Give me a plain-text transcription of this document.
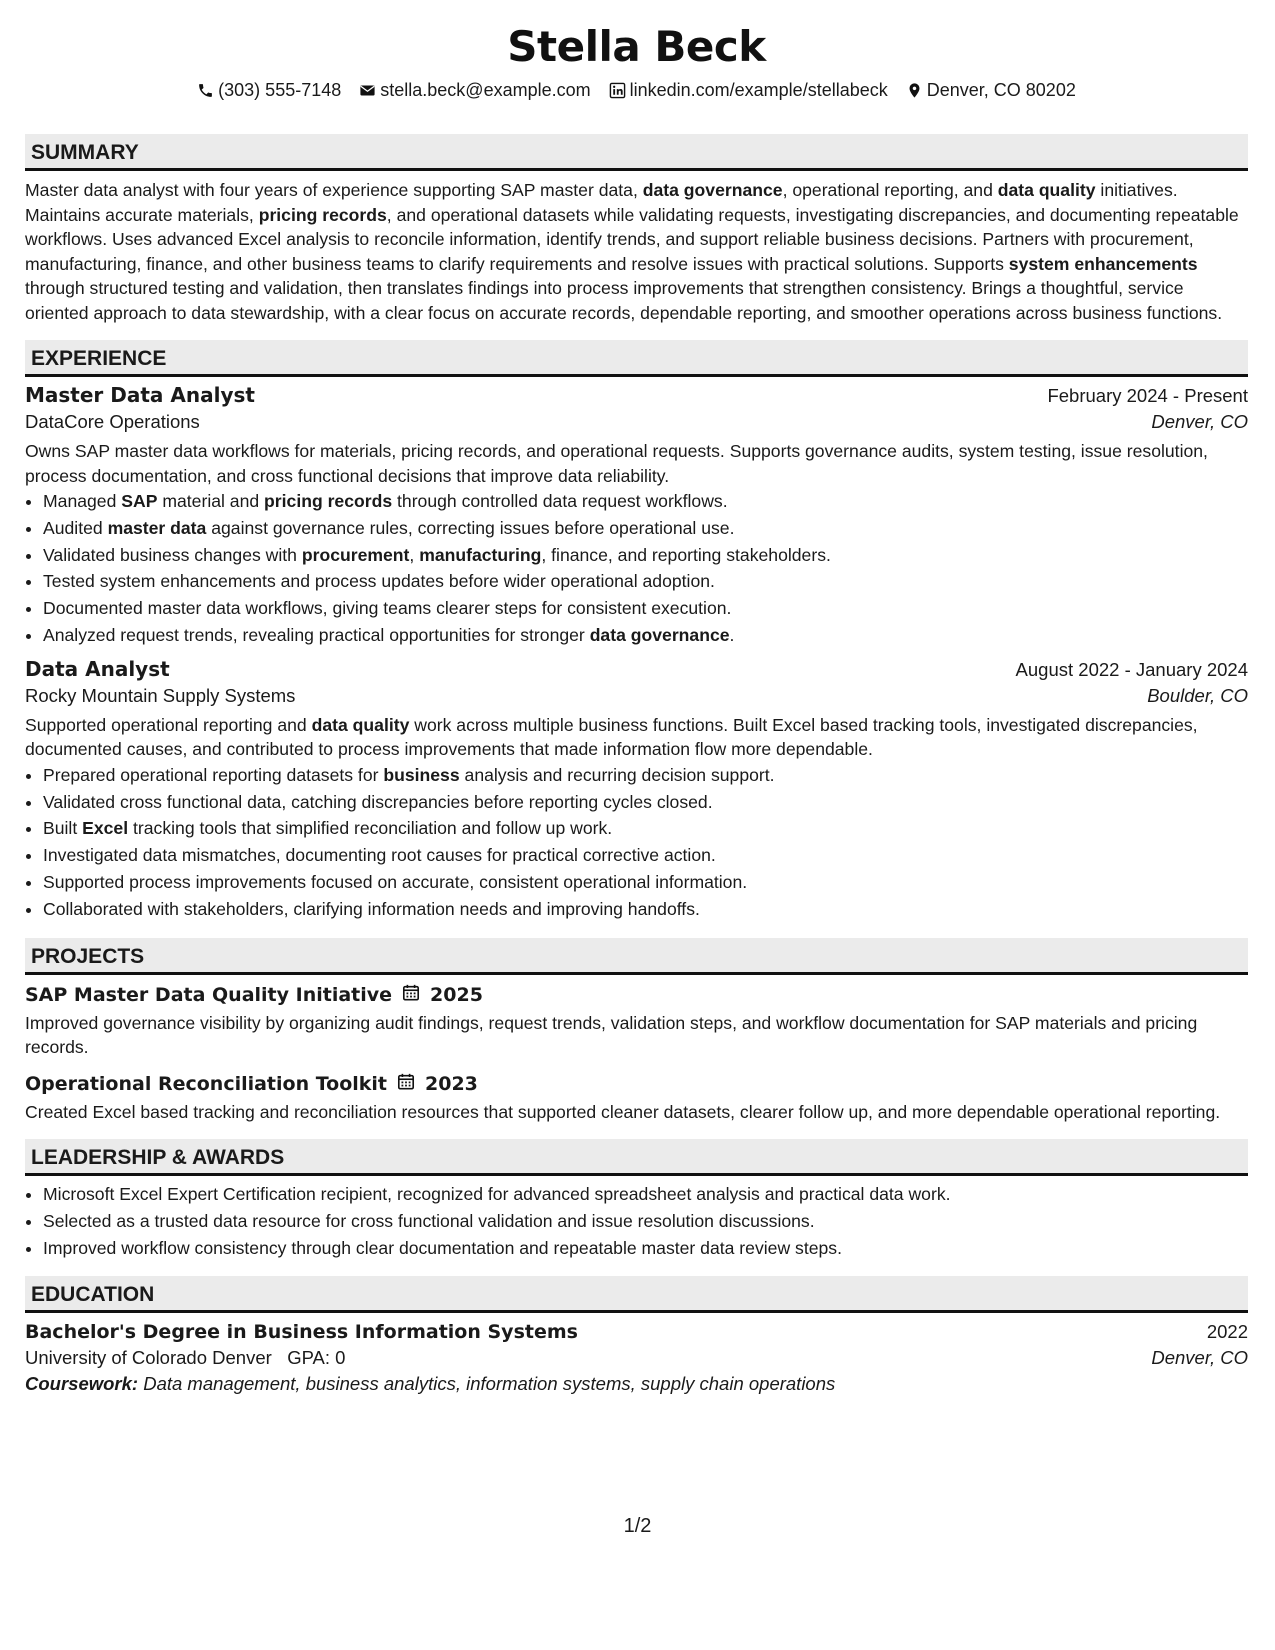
Stella Beck
(303) 555-7148 stella.beck@example.com linkedin.com/example/stellabeck Denver, CO 80202
SUMMARY
Master data analyst with four years of experience supporting SAP master data, data governance, operational reporting, and data quality initiatives. Maintains accurate materials, pricing records, and operational datasets while validating requests, investigating discrepancies, and documenting repeatable workflows. Uses advanced Excel analysis to reconcile information, identify trends, and support reliable business decisions. Partners with procurement, manufacturing, finance, and other business teams to clarify requirements and resolve issues with practical solutions. Supports system enhancements through structured testing and validation, then translates findings into process improvements that strengthen consistency. Brings a thoughtful, service oriented approach to data stewardship, with a clear focus on accurate records, dependable reporting, and smoother operations across business functions.
EXPERIENCE
Master Data Analyst	February 2024 - Present
DataCore Operations	Denver, CO
Owns SAP master data workflows for materials, pricing records, and operational requests. Supports governance audits, system testing, issue resolution, process documentation, and cross functional decisions that improve data reliability.
• Managed SAP material and pricing records through controlled data request workflows.
• Audited master data against governance rules, correcting issues before operational use.
• Validated business changes with procurement, manufacturing, finance, and reporting stakeholders.
• Tested system enhancements and process updates before wider operational adoption.
• Documented master data workflows, giving teams clearer steps for consistent execution.
• Analyzed request trends, revealing practical opportunities for stronger data governance.
Data Analyst	August 2022 - January 2024
Rocky Mountain Supply Systems	Boulder, CO
Supported operational reporting and data quality work across multiple business functions. Built Excel based tracking tools, investigated discrepancies, documented causes, and contributed to process improvements that made information flow more dependable.
• Prepared operational reporting datasets for business analysis and recurring decision support.
• Validated cross functional data, catching discrepancies before reporting cycles closed.
• Built Excel tracking tools that simplified reconciliation and follow up work.
• Investigated data mismatches, documenting root causes for practical corrective action.
• Supported process improvements focused on accurate, consistent operational information.
• Collaborated with stakeholders, clarifying information needs and improving handoffs.
PROJECTS
SAP Master Data Quality Initiative 2025
Improved governance visibility by organizing audit findings, request trends, validation steps, and workflow documentation for SAP materials and pricing records.
Operational Reconciliation Toolkit 2023
Created Excel based tracking and reconciliation resources that supported cleaner datasets, clearer follow up, and more dependable operational reporting.
LEADERSHIP & AWARDS
• Microsoft Excel Expert Certification recipient, recognized for advanced spreadsheet analysis and practical data work.
• Selected as a trusted data resource for cross functional validation and issue resolution discussions.
• Improved workflow consistency through clear documentation and repeatable master data review steps.
EDUCATION
Bachelor's Degree in Business Information Systems	2022
University of Colorado Denver GPA: 0	Denver, CO
Coursework: Data management, business analytics, information systems, supply chain operations
1/2
